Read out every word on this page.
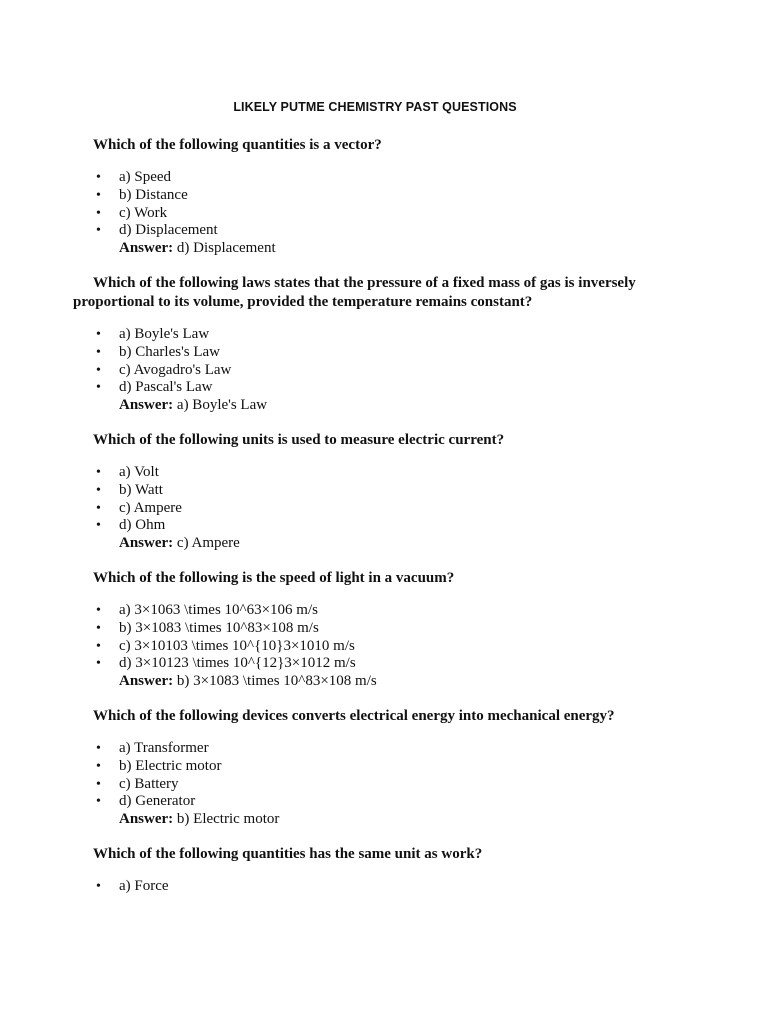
LIKELY PUTME CHEMISTRY PAST QUESTIONS

Which of the following quantities is a vector?

• a) Speed
• b) Distance
• c) Work
• d) Displacement
Answer: d) Displacement

Which of the following laws states that the pressure of a fixed mass of gas is inversely proportional to its volume, provided the temperature remains constant?

• a) Boyle's Law
• b) Charles's Law
• c) Avogadro's Law
• d) Pascal's Law
Answer: a) Boyle's Law

Which of the following units is used to measure electric current?

• a) Volt
• b) Watt
• c) Ampere
• d) Ohm
Answer: c) Ampere

Which of the following is the speed of light in a vacuum?

• a) 3×1063 \times 10^63×106 m/s
• b) 3×1083 \times 10^83×108 m/s
• c) 3×10103 \times 10^{10}3×1010 m/s
• d) 3×10123 \times 10^{12}3×1012 m/s
Answer: b) 3×1083 \times 10^83×108 m/s

Which of the following devices converts electrical energy into mechanical energy?

• a) Transformer
• b) Electric motor
• c) Battery
• d) Generator
Answer: b) Electric motor

Which of the following quantities has the same unit as work?

• a) Force
